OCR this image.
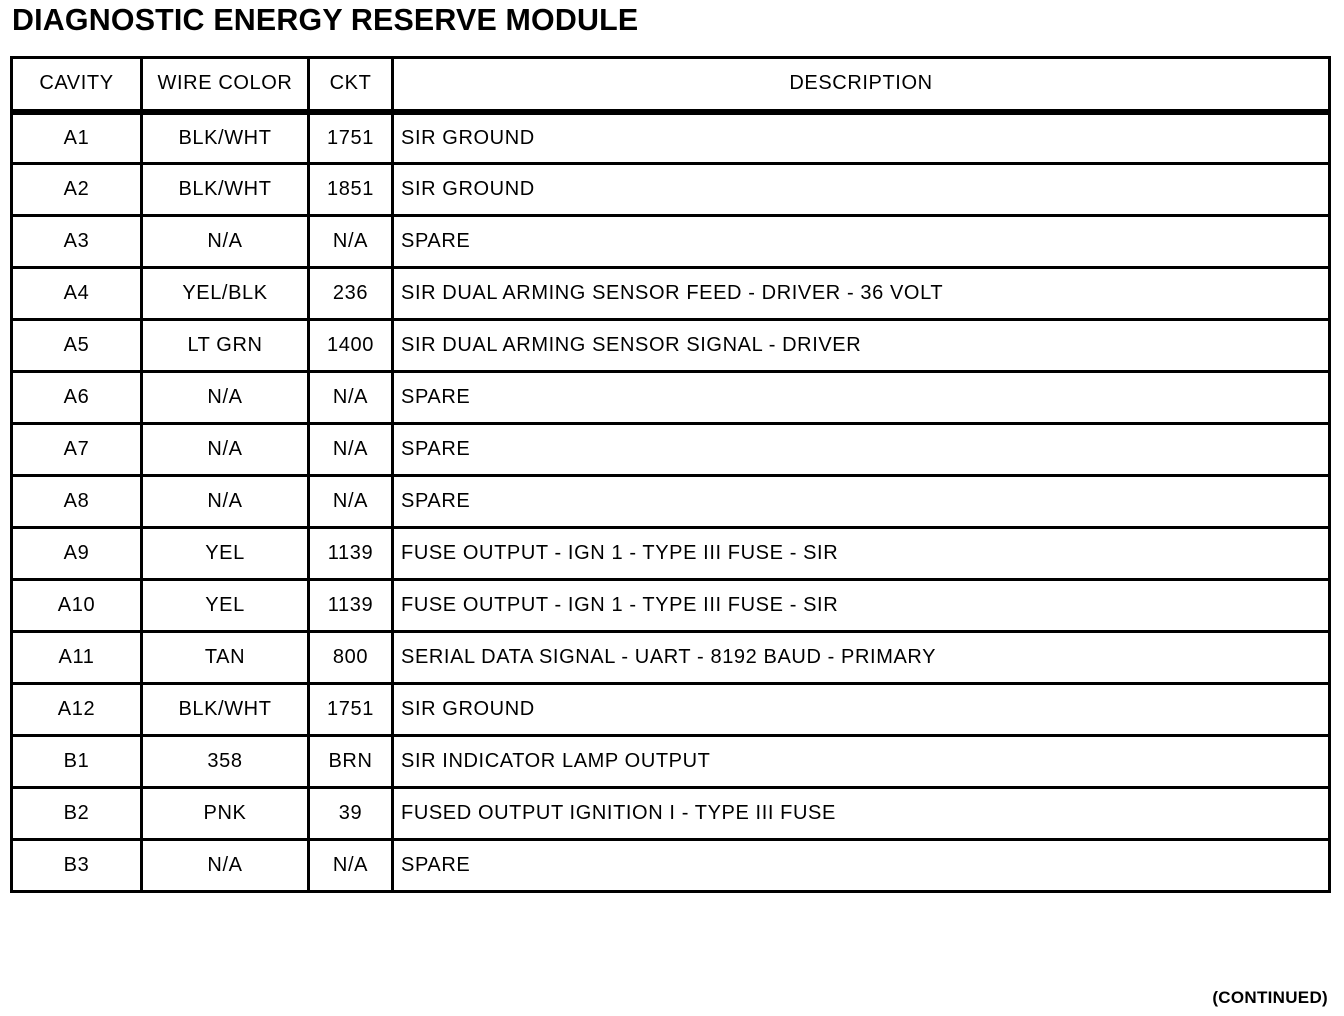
DIAGNOSTIC ENERGY RESERVE MODULE
CAVITY	WIRE COLOR	CKT	DESCRIPTION
A1	BLK/WHT	1751	SIR GROUND
A2	BLK/WHT	1851	SIR GROUND
A3	N/A	N/A	SPARE
A4	YEL/BLK	236	SIR DUAL ARMING SENSOR FEED - DRIVER - 36 VOLT
A5	LT GRN	1400	SIR DUAL ARMING SENSOR SIGNAL - DRIVER
A6	N/A	N/A	SPARE
A7	N/A	N/A	SPARE
A8	N/A	N/A	SPARE
A9	YEL	1139	FUSE OUTPUT - IGN 1 - TYPE III FUSE - SIR
A10	YEL	1139	FUSE OUTPUT - IGN 1 - TYPE III FUSE - SIR
A11	TAN	800	SERIAL DATA SIGNAL - UART - 8192 BAUD - PRIMARY
A12	BLK/WHT	1751	SIR GROUND
B1	358	BRN	SIR INDICATOR LAMP OUTPUT
B2	PNK	39	FUSED OUTPUT IGNITION I - TYPE III FUSE
B3	N/A	N/A	SPARE
(CONTINUED)
